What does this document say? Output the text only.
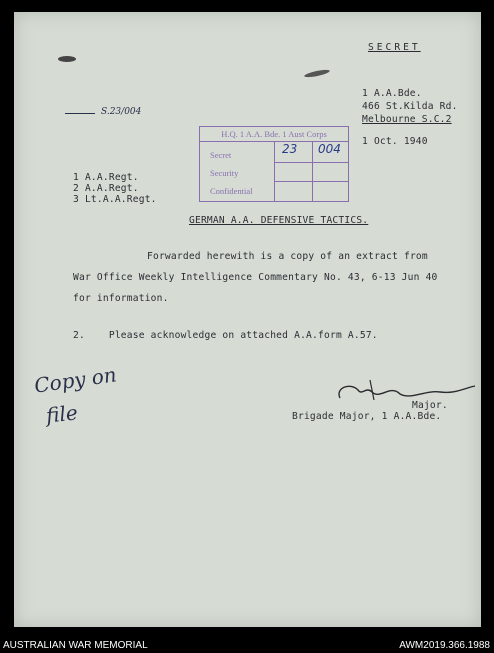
SECRET
1 A.A.Bde.
466 St.Kilda Rd.
Melbourne S.C.2
1 Oct. 1940
S.23/004
H.Q. 1 A.A. Bde. 1 Aust Corps
Secret
Security
Confidential
23 004
1 A.A.Regt.
2 A.A.Regt.
3 Lt.A.A.Regt.
GERMAN A.A. DEFENSIVE TACTICS.
Forwarded herewith is a copy of an extract from
War Office Weekly Intelligence Commentary No. 43, 6-13 Jun 40
for information.
2.    Please acknowledge on attached A.A.form A.57.
Copy on
file	Major.
Brigade Major, 1 A.A.Bde.
AUSTRALIAN WAR MEMORIAL	AWM2019.366.1988
